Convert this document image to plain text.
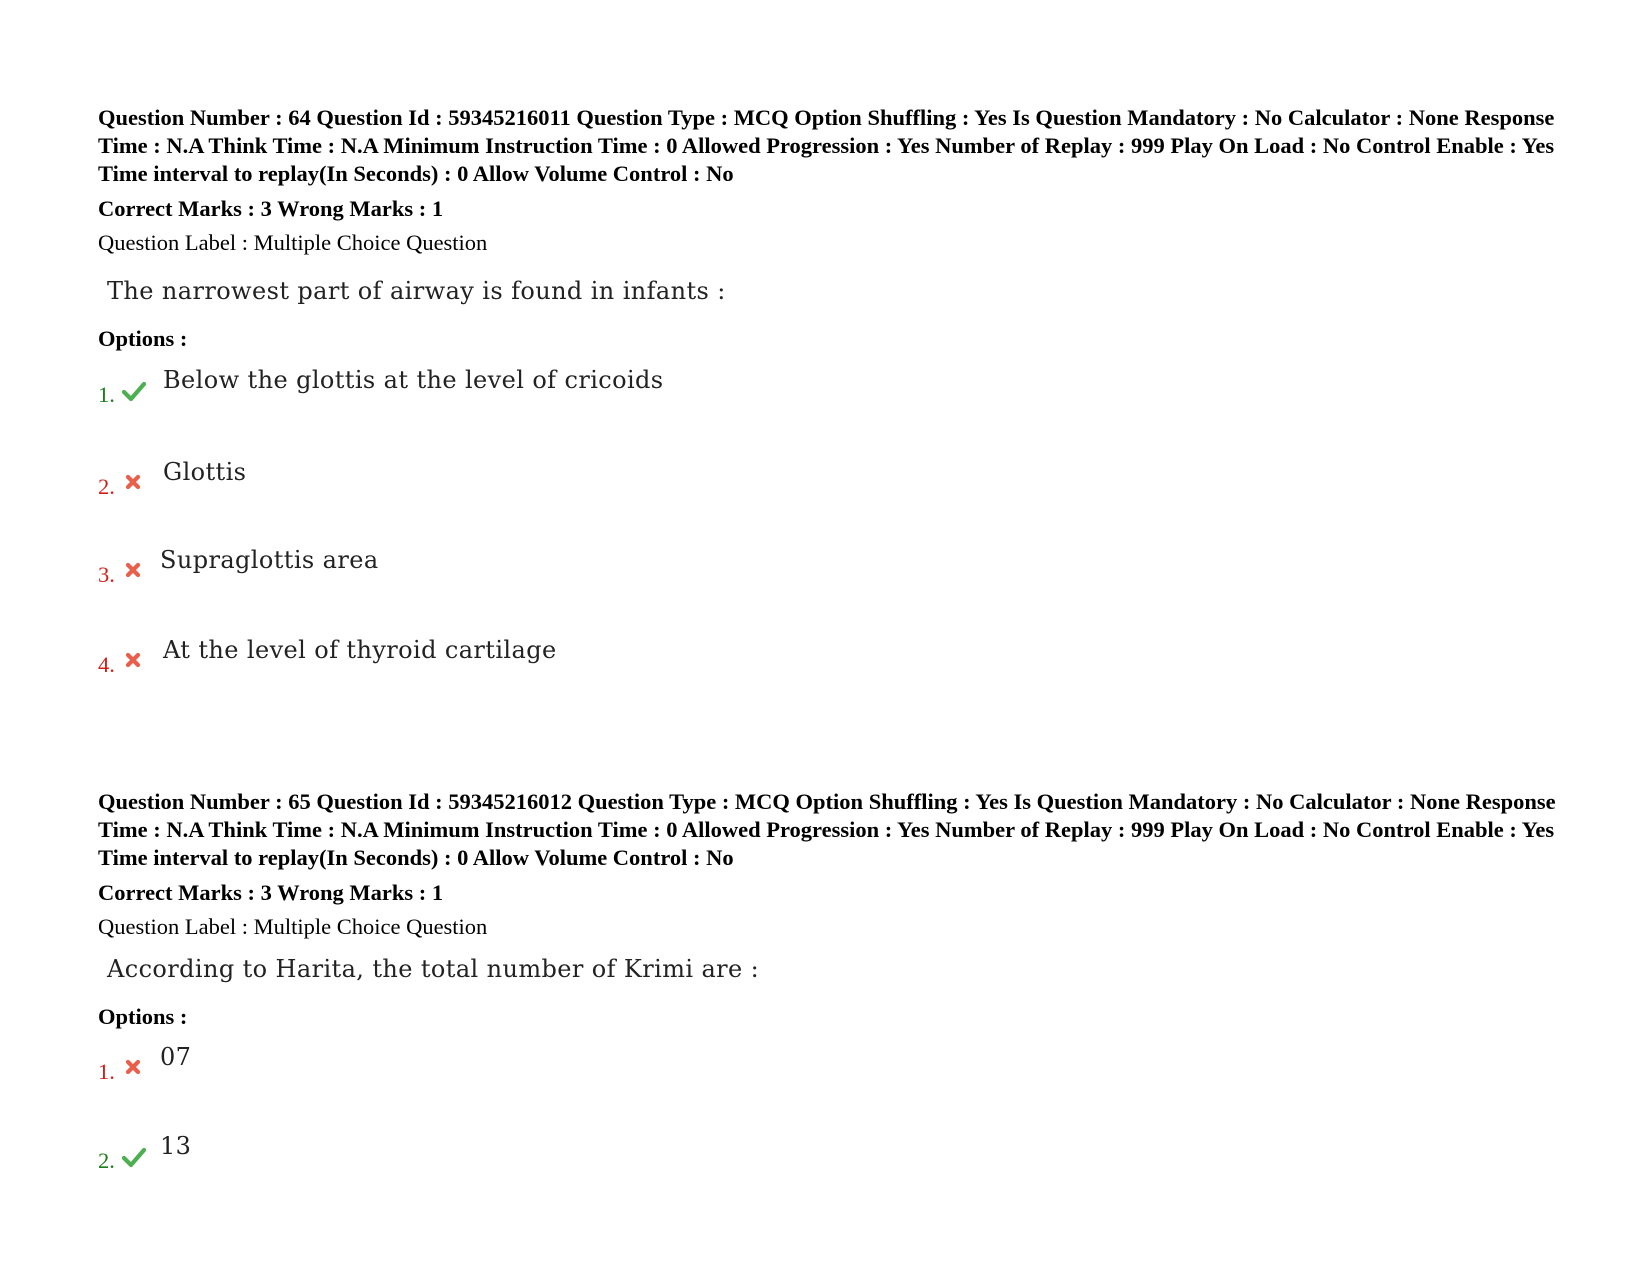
Question Number : 64 Question Id : 59345216011 Question Type : MCQ Option Shuffling : Yes Is Question Mandatory : No Calculator : None Response Time : N.A Think Time : N.A Minimum Instruction Time : 0 Allowed Progression : Yes Number of Replay : 999 Play On Load : No Control Enable : Yes Time interval to replay(In Seconds) : 0 Allow Volume Control : No

Correct Marks : 3 Wrong Marks : 1
Question Label : Multiple Choice Question
The narrowest part of airway is found in infants :
Options :
1.
Below the glottis at the level of cricoids
2.
Glottis
3.
Supraglottis area
4.
At the level of thyroid cartilage

Question Number : 65 Question Id : 59345216012 Question Type : MCQ Option Shuffling : Yes Is Question Mandatory : No Calculator : None Response Time : N.A Think Time : N.A Minimum Instruction Time : 0 Allowed Progression : Yes Number of Replay : 999 Play On Load : No Control Enable : Yes Time interval to replay(In Seconds) : 0 Allow Volume Control : No

Correct Marks : 3 Wrong Marks : 1
Question Label : Multiple Choice Question
According to Harita, the total number of Krimi are :
Options :
1.
07
2.
13
